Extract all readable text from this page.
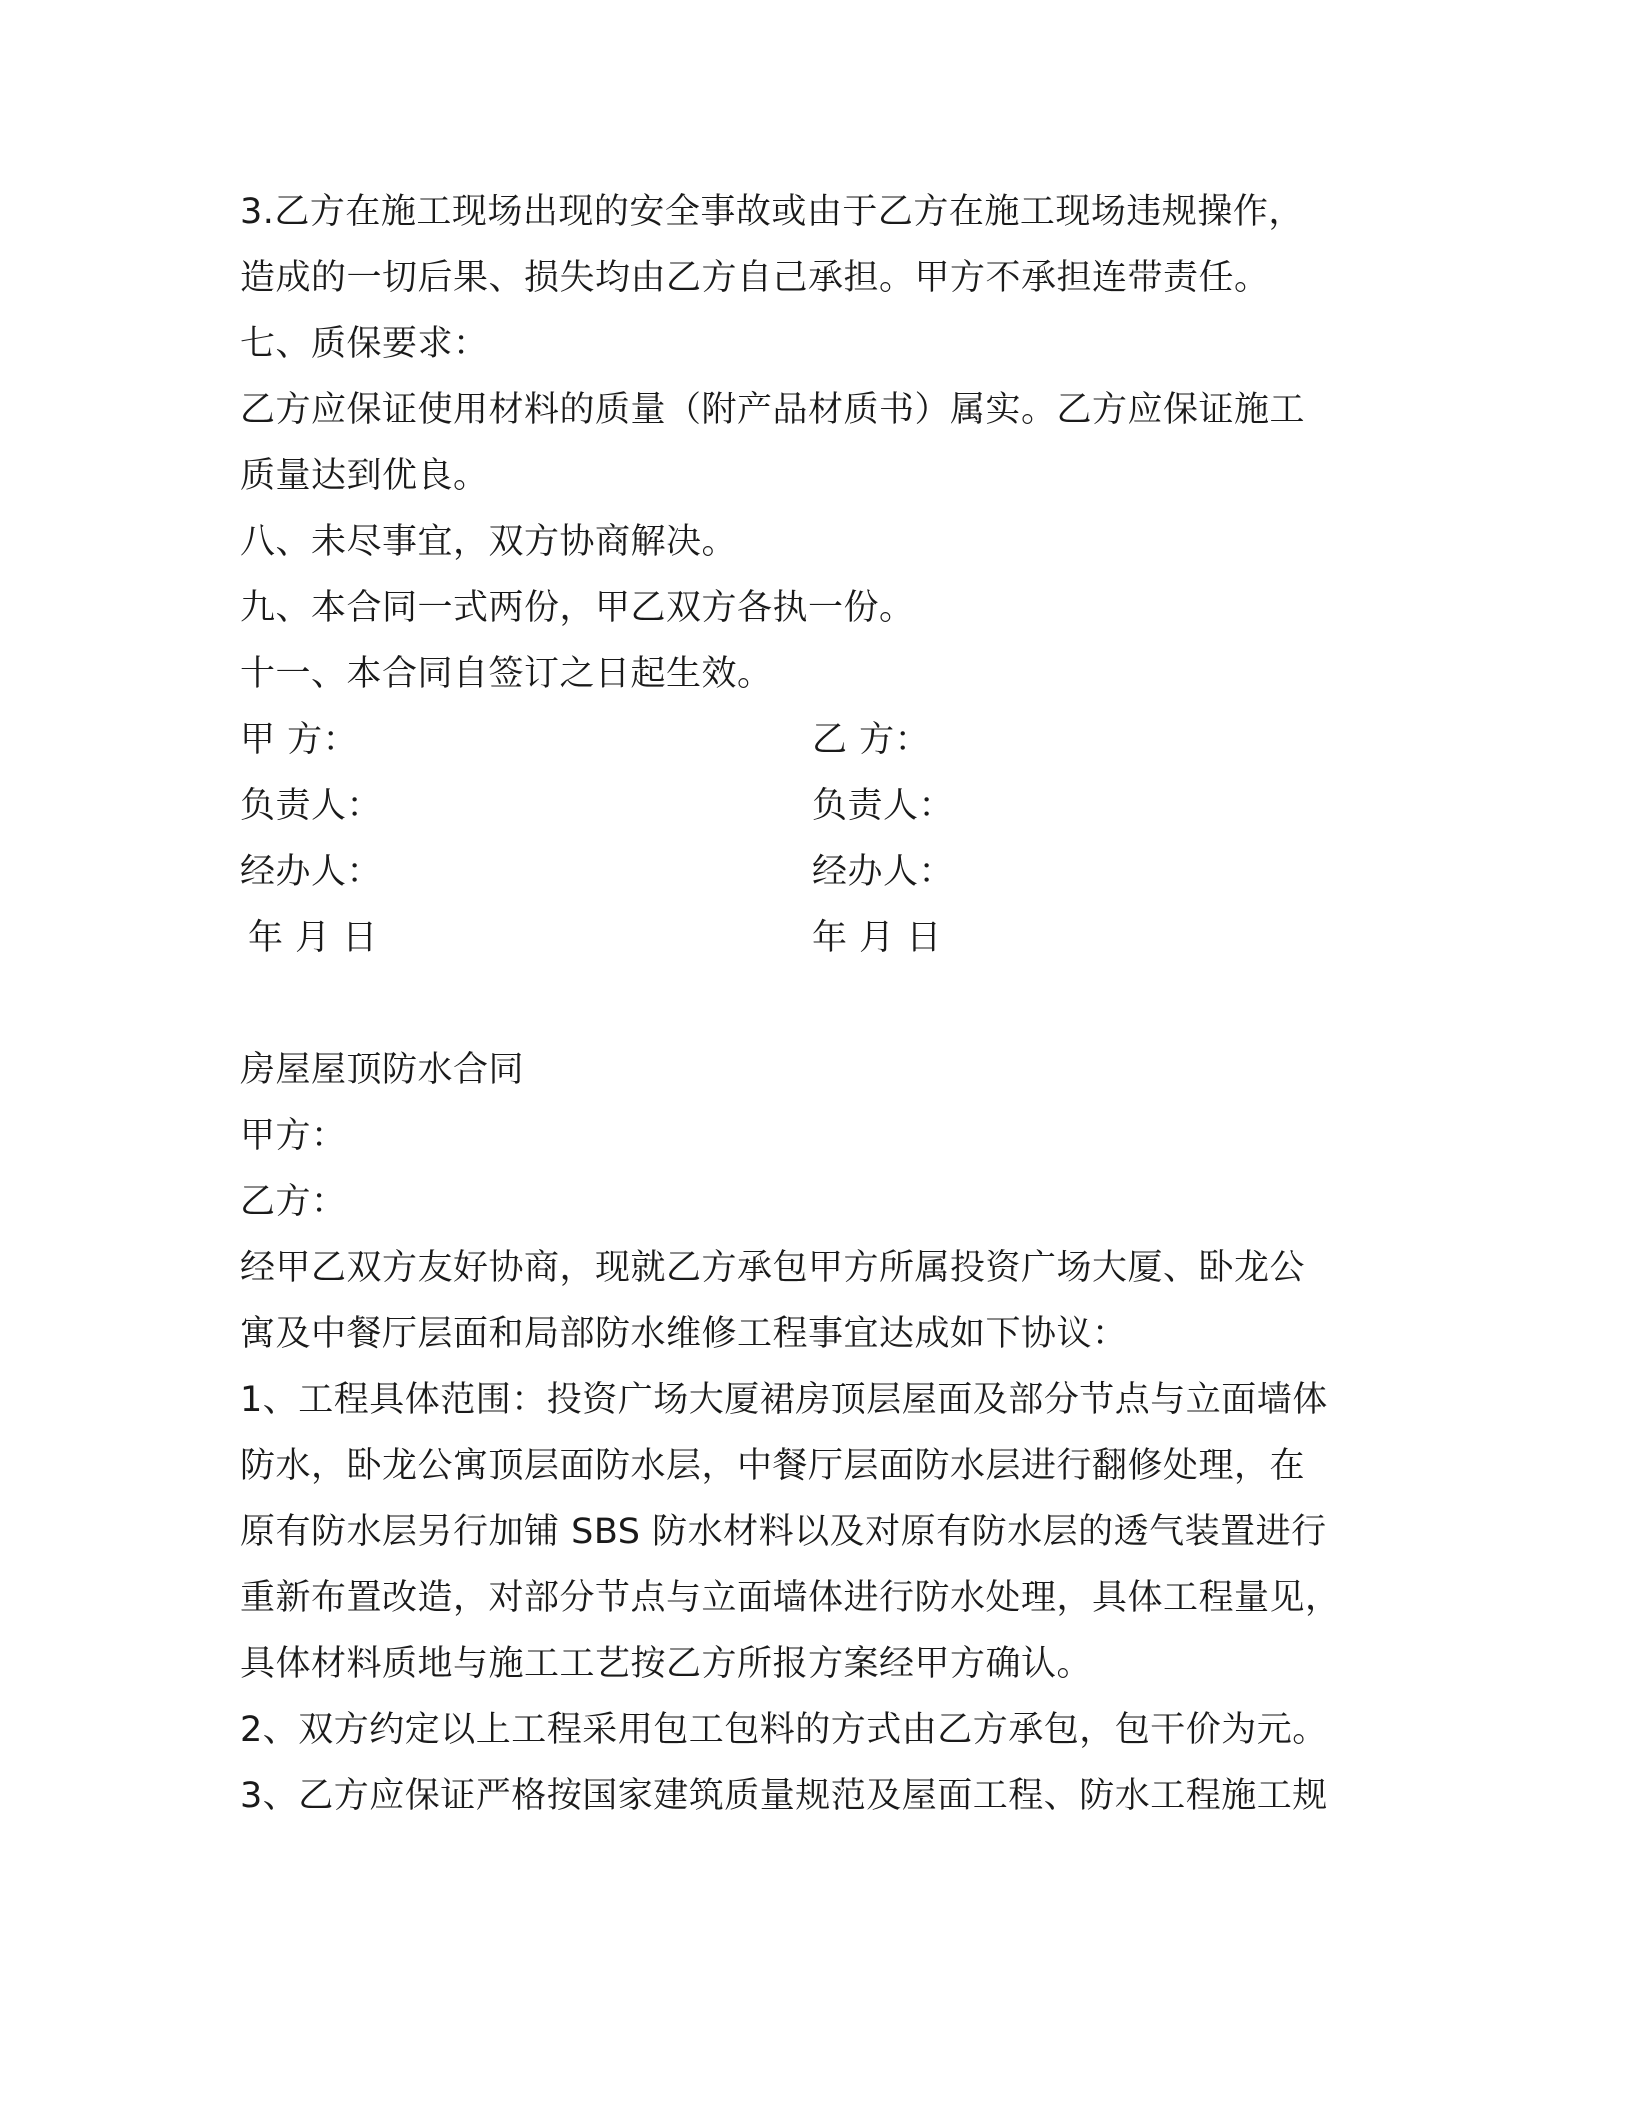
3.乙方在施工现场出现的安全事故或由于乙方在施工现场违规操作，
造成的一切后果、损失均由乙方自己承担。甲方不承担连带责任。
七、质保要求：
乙方应保证使用材料的质量（附产品材质书）属实。乙方应保证施工
质量达到优良。
八、未尽事宜，双方协商解决。
九、本合同一式两份，甲乙双方各执一份。
十一、本合同自签订之日起生效。
甲 方：	乙 方：
负责人：	负责人：
经办人：	经办人：
年 月 日	年 月 日
房屋屋顶防水合同
甲方：
乙方：
经甲乙双方友好协商，现就乙方承包甲方所属投资广场大厦、卧龙公
寓及中餐厅层面和局部防水维修工程事宜达成如下协议：
1、工程具体范围：投资广场大厦裙房顶层屋面及部分节点与立面墙体
防水，卧龙公寓顶层面防水层，中餐厅层面防水层进行翻修处理，在
原有防水层另行加铺 SBS 防水材料以及对原有防水层的透气装置进行
重新布置改造，对部分节点与立面墙体进行防水处理，具体工程量见，
具体材料质地与施工工艺按乙方所报方案经甲方确认。
2、双方约定以上工程采用包工包料的方式由乙方承包，包干价为元。
3、乙方应保证严格按国家建筑质量规范及屋面工程、防水工程施工规
